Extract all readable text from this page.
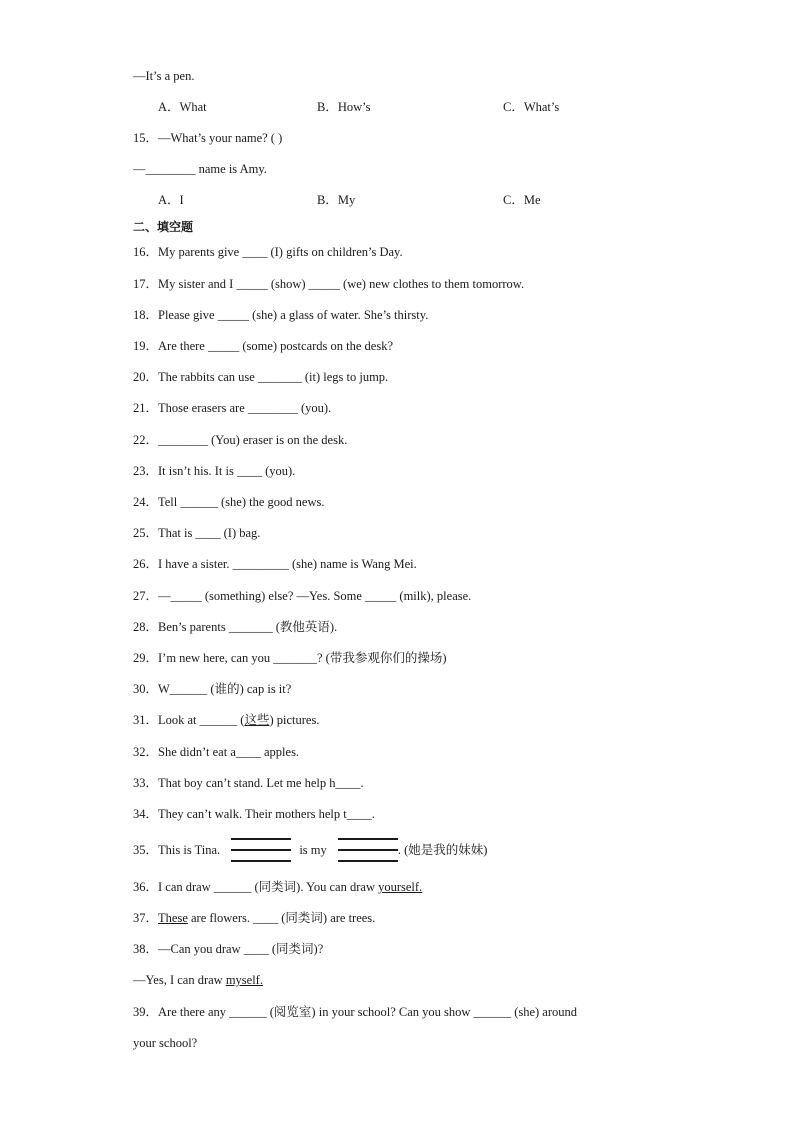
—It’s a pen.
A．What	B．How’s	C．What’s
15．—What’s your name? ( )
—________ name is Amy.
A．I	B．My	C．Me
二、填空题
16．My parents give ____ (I) gifts on children’s Day.
17．My sister and I _____ (show) _____ (we) new clothes to them tomorrow.
18．Please give _____ (she) a glass of water. She’s thirsty.
19．Are there _____ (some) postcards on the desk?
20．The rabbits can use _______ (it) legs to jump.
21．Those erasers are ________ (you).
22．________ (You) eraser is on the desk.
23．It isn’t his. It is ____ (you).
24．Tell ______ (she) the good news.
25．That is ____ (I) bag.
26．I have a sister. _________ (she) name is Wang Mei.
27．—_____ (something) else? —Yes. Some _____ (milk), please.
28．Ben’s parents _______ (教他英语).
29．I’m new here, can you _______? (带我参观你们的操场)
30．W______ (谁的) cap is it?
31．Look at ______ (这些) pictures.
32．She didn’t eat a____ apples.
33．That boy can’t stand. Let me help h____.
34．They can’t walk. Their mothers help t____.
35．This is Tina.	is my	. (她是我的妹妹)
36．I can draw ______ (同类词). You can draw yourself.
37．These are flowers. ____ (同类词) are trees.
38．—Can you draw ____ (同类词)?
—Yes, I can draw myself.
39．Are there any ______ (阅览室) in your school? Can you show ______ (she) around
your school?
